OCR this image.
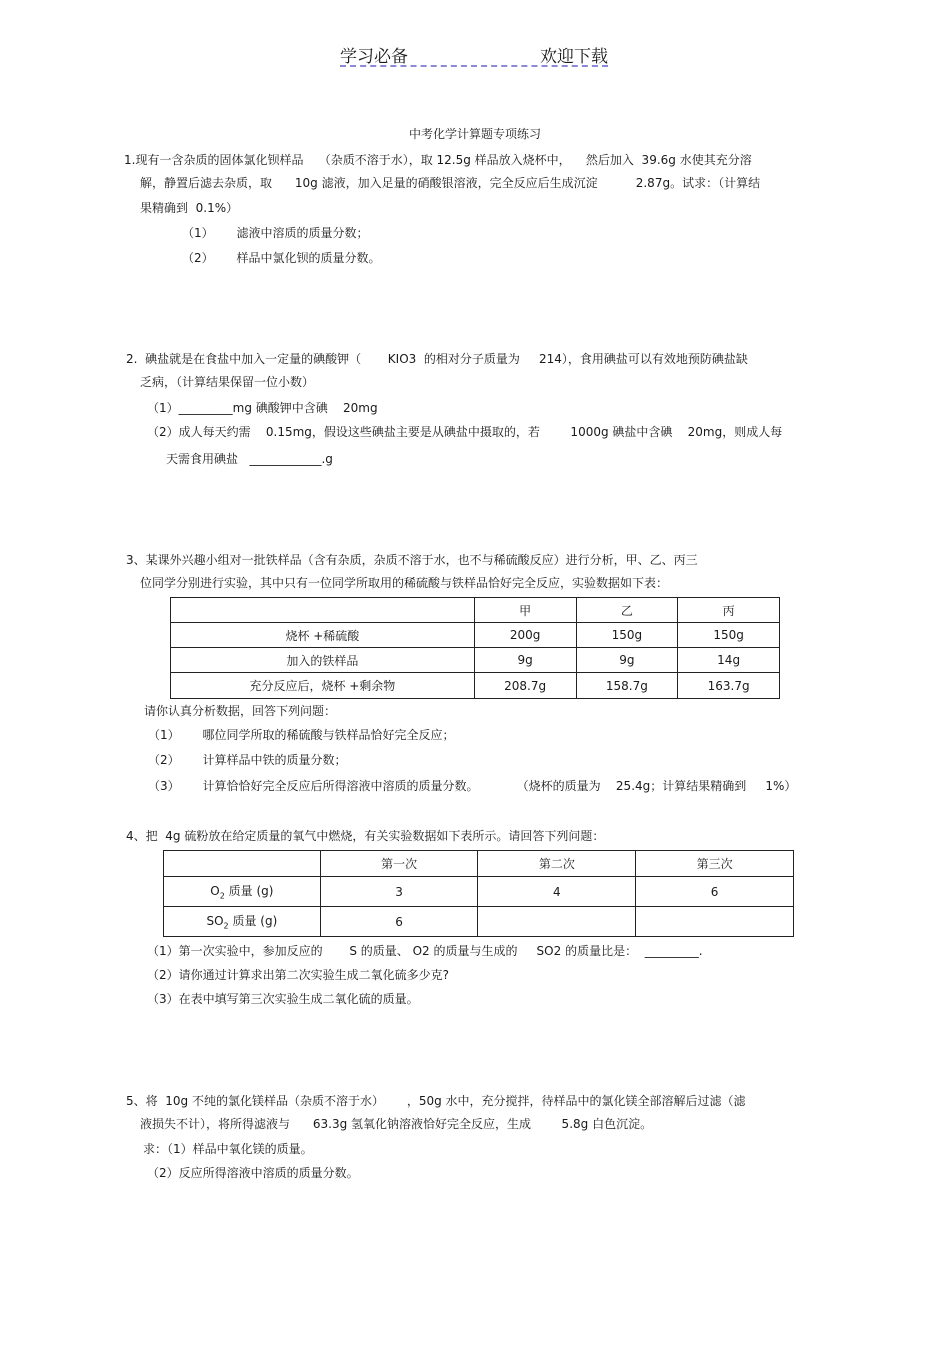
学习必备	欢迎下载
中考化学计算题专项练习
1.现有一含杂质的固体氯化钡样品    （杂质不溶于水），取 12.5g 样品放入烧杯中，    然后加入  39.6g 水使其充分溶
解，静置后滤去杂质，取      10g 滤液，加入足量的硝酸银溶液，完全反应后生成沉淀          2.87g。试求：（计算结
果精确到  0.1%）
（1）      滤液中溶质的质量分数；
（2）      样品中氯化钡的质量分数。
2.  碘盐就是在食盐中加入一定量的碘酸钾（       KIO3  的相对分子质量为     214），食用碘盐可以有效地预防碘盐缺
乏病，（计算结果保留一位小数）
（1）_________mg 碘酸钾中含碘    20mg
（2）成人每天约需    0.15mg，假设这些碘盐主要是从碘盐中摄取的，若        1000g 碘盐中含碘    20mg，则成人每
天需食用碘盐   ____________.g
3、某课外兴趣小组对一批铁样品（含有杂质，杂质不溶于水，也不与稀硫酸反应）进行分析，甲、乙、丙三
位同学分别进行实验，其中只有一位同学所取用的稀硫酸与铁样品恰好完全反应，实验数据如下表：
	甲	乙	丙
烧杯 +稀硫酸	200g	150g	150g
加入的铁样品	9g	9g	14g
充分反应后，烧杯 +剩余物	208.7g	158.7g	163.7g
请你认真分析数据，回答下列问题：
（1）      哪位同学所取的稀硫酸与铁样品恰好完全反应；
（2）      计算样品中铁的质量分数；
（3）      计算恰恰好完全反应后所得溶液中溶质的质量分数。          （烧杯的质量为    25.4g；计算结果精确到     1%）
4、把  4g 硫粉放在给定质量的氧气中燃烧，有关实验数据如下表所示。请回答下列问题：
	第一次	第二次	第三次
$O_2$ 质量 (g)	3	4	6
$SO_2$ 质量 (g)	6		
（1）第一次实验中，参加反应的       S 的质量、 O2 的质量与生成的     SO2 的质量比是：  _________.
（2）请你通过计算求出第二次实验生成二氧化硫多少克?
（3）在表中填写第三次实验生成二氧化硫的质量。
5、将  10g 不纯的氯化镁样品（杂质不溶于水）      ，50g 水中，充分搅拌，待样品中的氯化镁全部溶解后过滤（滤
液损失不计），将所得滤液与      63.3g 氢氧化钠溶液恰好完全反应，生成        5.8g 白色沉淀。
求：（1）样品中氧化镁的质量。
（2）反应所得溶液中溶质的质量分数。
